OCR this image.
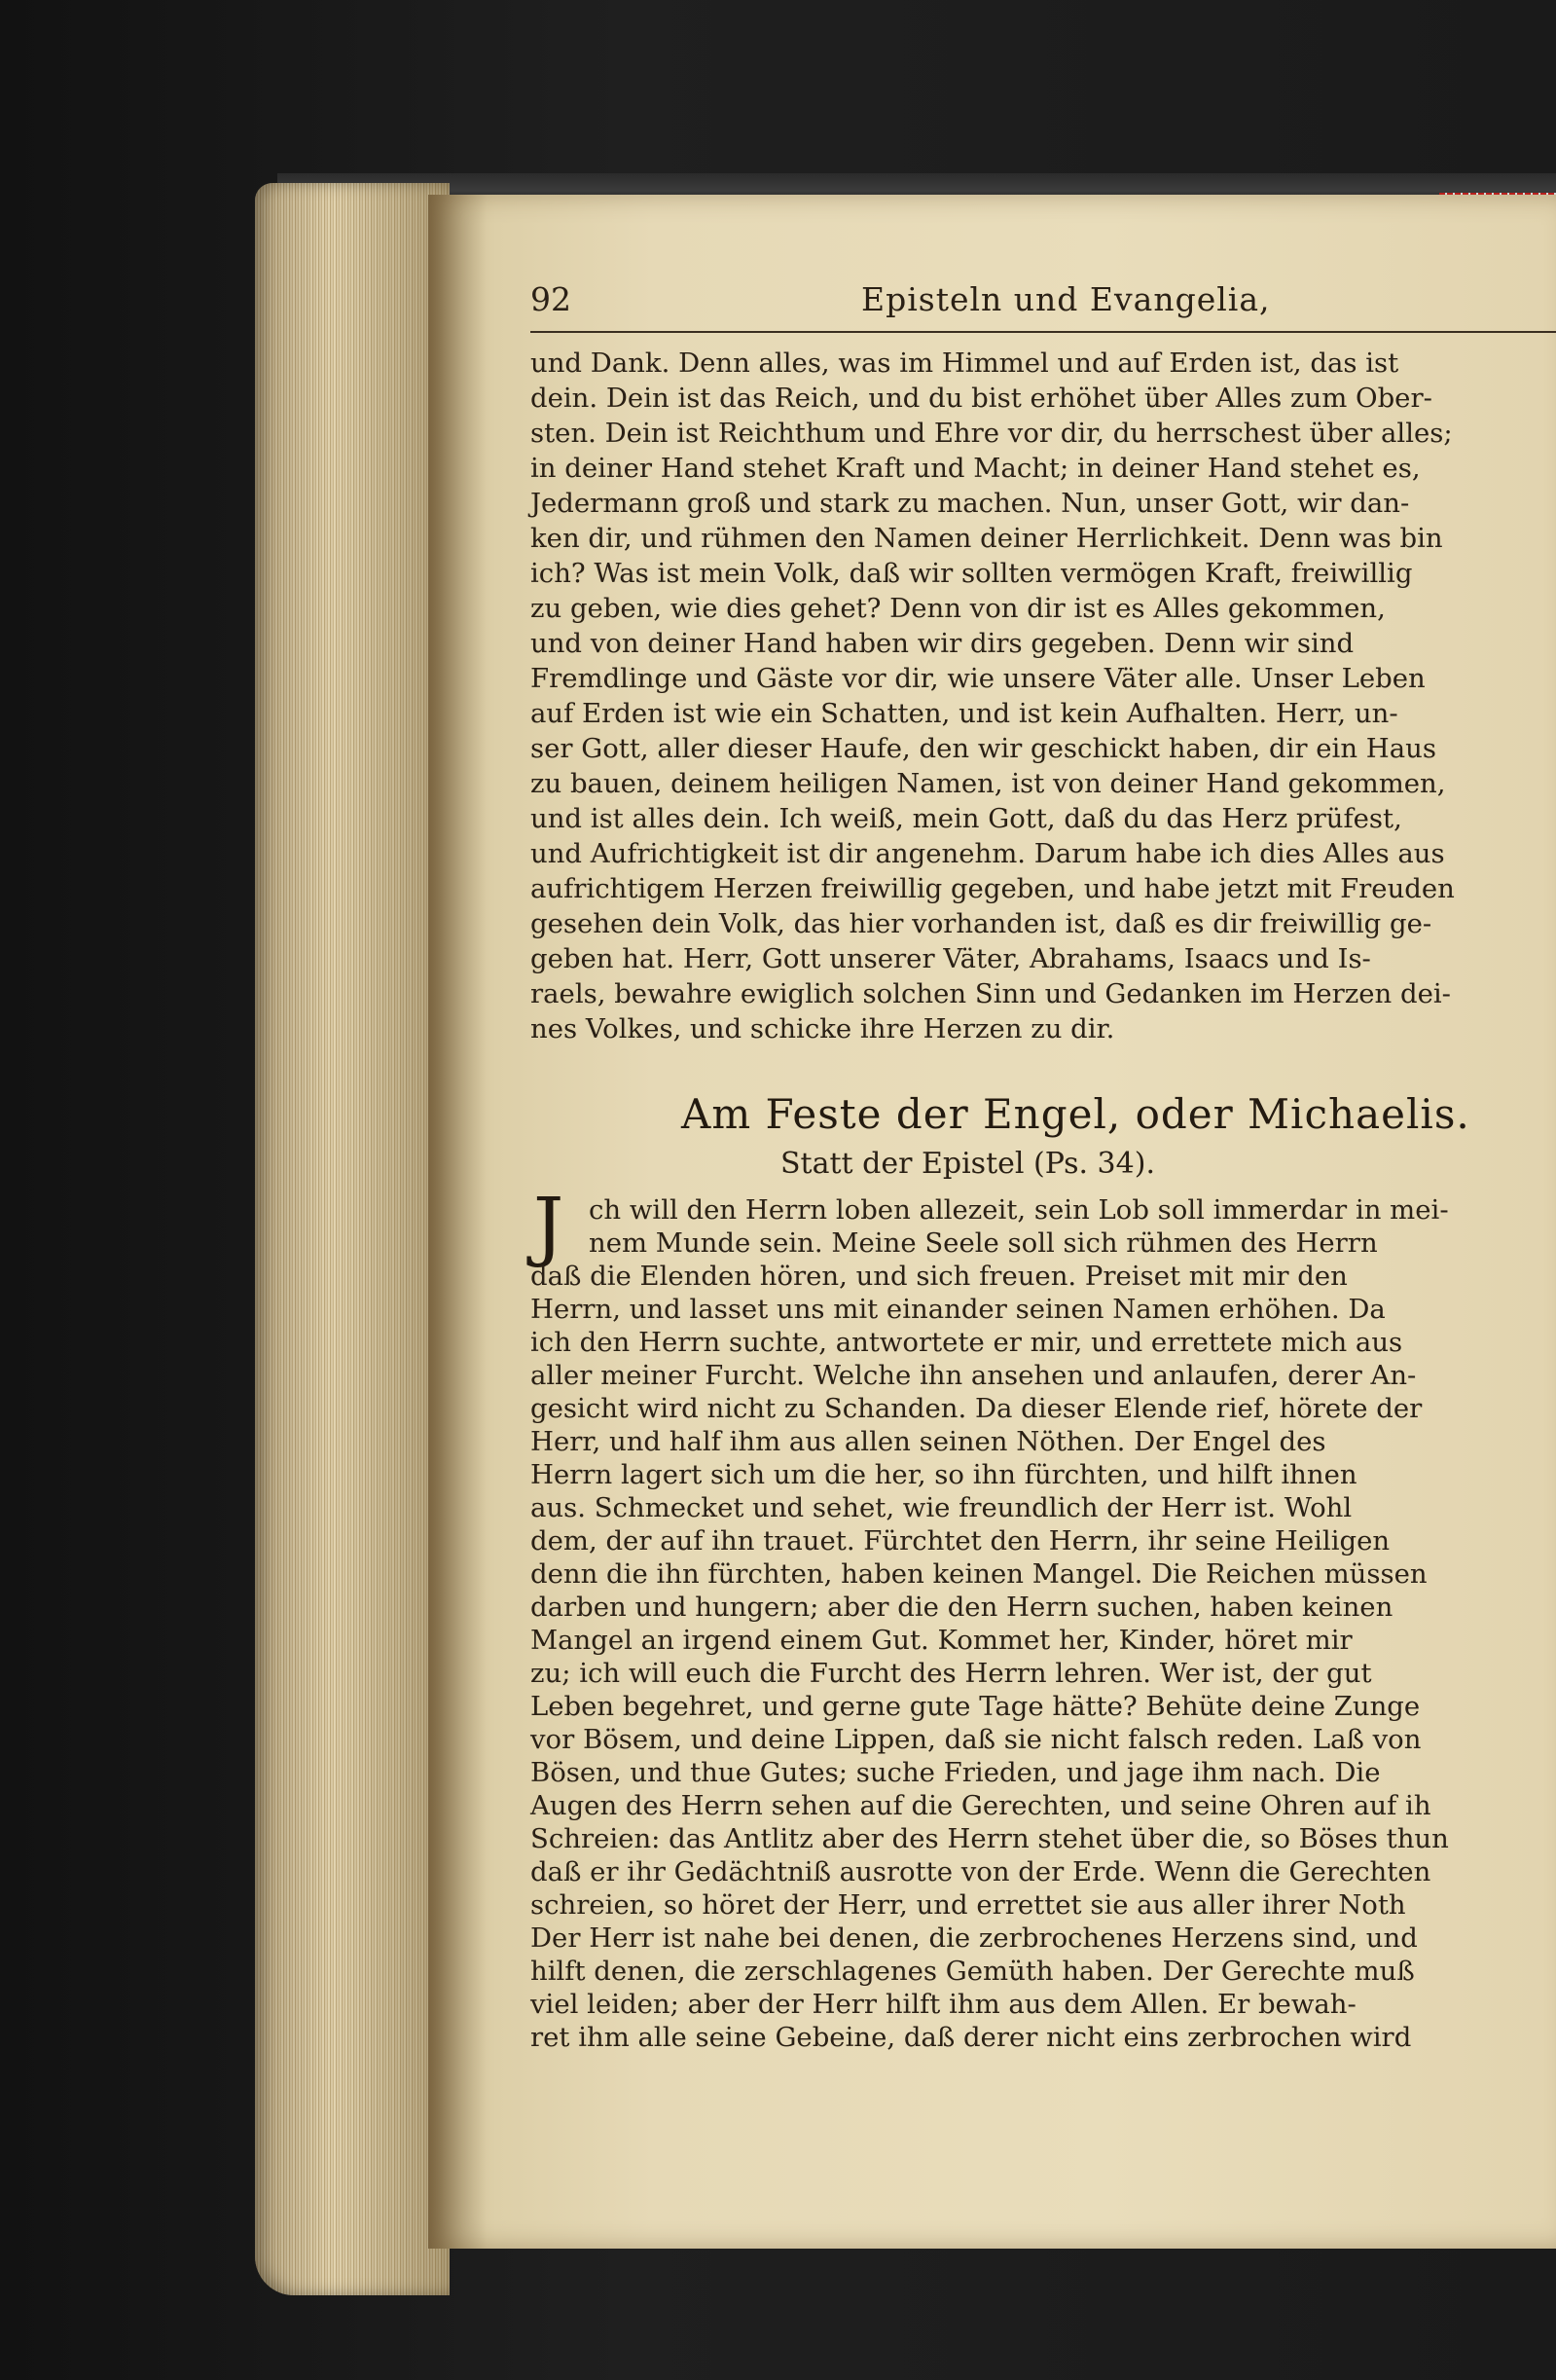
92	Episteln und Evangelia,
und Dank. Denn alles, was im Himmel und auf Erden ist, das ist
dein. Dein ist das Reich, und du bist erhöhet über Alles zum Ober-
sten. Dein ist Reichthum und Ehre vor dir, du herrschest über alles;
in deiner Hand stehet Kraft und Macht; in deiner Hand stehet es,
Jedermann groß und stark zu machen. Nun, unser Gott, wir dan-
ken dir, und rühmen den Namen deiner Herrlichkeit. Denn was bin
ich? Was ist mein Volk, daß wir sollten vermögen Kraft, freiwillig
zu geben, wie dies gehet? Denn von dir ist es Alles gekommen,
und von deiner Hand haben wir dirs gegeben. Denn wir sind
Fremdlinge und Gäste vor dir, wie unsere Väter alle. Unser Leben
auf Erden ist wie ein Schatten, und ist kein Aufhalten. Herr, un-
ser Gott, aller dieser Haufe, den wir geschickt haben, dir ein Haus
zu bauen, deinem heiligen Namen, ist von deiner Hand gekommen,
und ist alles dein. Ich weiß, mein Gott, daß du das Herz prüfest,
und Aufrichtigkeit ist dir angenehm. Darum habe ich dies Alles aus
aufrichtigem Herzen freiwillig gegeben, und habe jetzt mit Freuden
gesehen dein Volk, das hier vorhanden ist, daß es dir freiwillig ge-
geben hat. Herr, Gott unserer Väter, Abrahams, Isaacs und Is-
raels, bewahre ewiglich solchen Sinn und Gedanken im Herzen dei-
nes Volkes, und schicke ihre Herzen zu dir.
Am Feste der Engel, oder Michaelis.
Statt der Epistel (Ps. 34).
J ch will den Herrn loben allezeit, sein Lob soll immerdar in mei-
nem Munde sein. Meine Seele soll sich rühmen des Herrn
daß die Elenden hören, und sich freuen. Preiset mit mir den
Herrn, und lasset uns mit einander seinen Namen erhöhen. Da
ich den Herrn suchte, antwortete er mir, und errettete mich aus
aller meiner Furcht. Welche ihn ansehen und anlaufen, derer An-
gesicht wird nicht zu Schanden. Da dieser Elende rief, hörete der
Herr, und half ihm aus allen seinen Nöthen. Der Engel des
Herrn lagert sich um die her, so ihn fürchten, und hilft ihnen
aus. Schmecket und sehet, wie freundlich der Herr ist. Wohl
dem, der auf ihn trauet. Fürchtet den Herrn, ihr seine Heiligen
denn die ihn fürchten, haben keinen Mangel. Die Reichen müssen
darben und hungern; aber die den Herrn suchen, haben keinen
Mangel an irgend einem Gut. Kommet her, Kinder, höret mir
zu; ich will euch die Furcht des Herrn lehren. Wer ist, der gut
Leben begehret, und gerne gute Tage hätte? Behüte deine Zunge
vor Bösem, und deine Lippen, daß sie nicht falsch reden. Laß von
Bösen, und thue Gutes; suche Frieden, und jage ihm nach. Die
Augen des Herrn sehen auf die Gerechten, und seine Ohren auf ih
Schreien: das Antlitz aber des Herrn stehet über die, so Böses thun
daß er ihr Gedächtniß ausrotte von der Erde. Wenn die Gerechten
schreien, so höret der Herr, und errettet sie aus aller ihrer Noth
Der Herr ist nahe bei denen, die zerbrochenes Herzens sind, und
hilft denen, die zerschlagenes Gemüth haben. Der Gerechte muß
viel leiden; aber der Herr hilft ihm aus dem Allen. Er bewah-
ret ihm alle seine Gebeine, daß derer nicht eins zerbrochen wird
